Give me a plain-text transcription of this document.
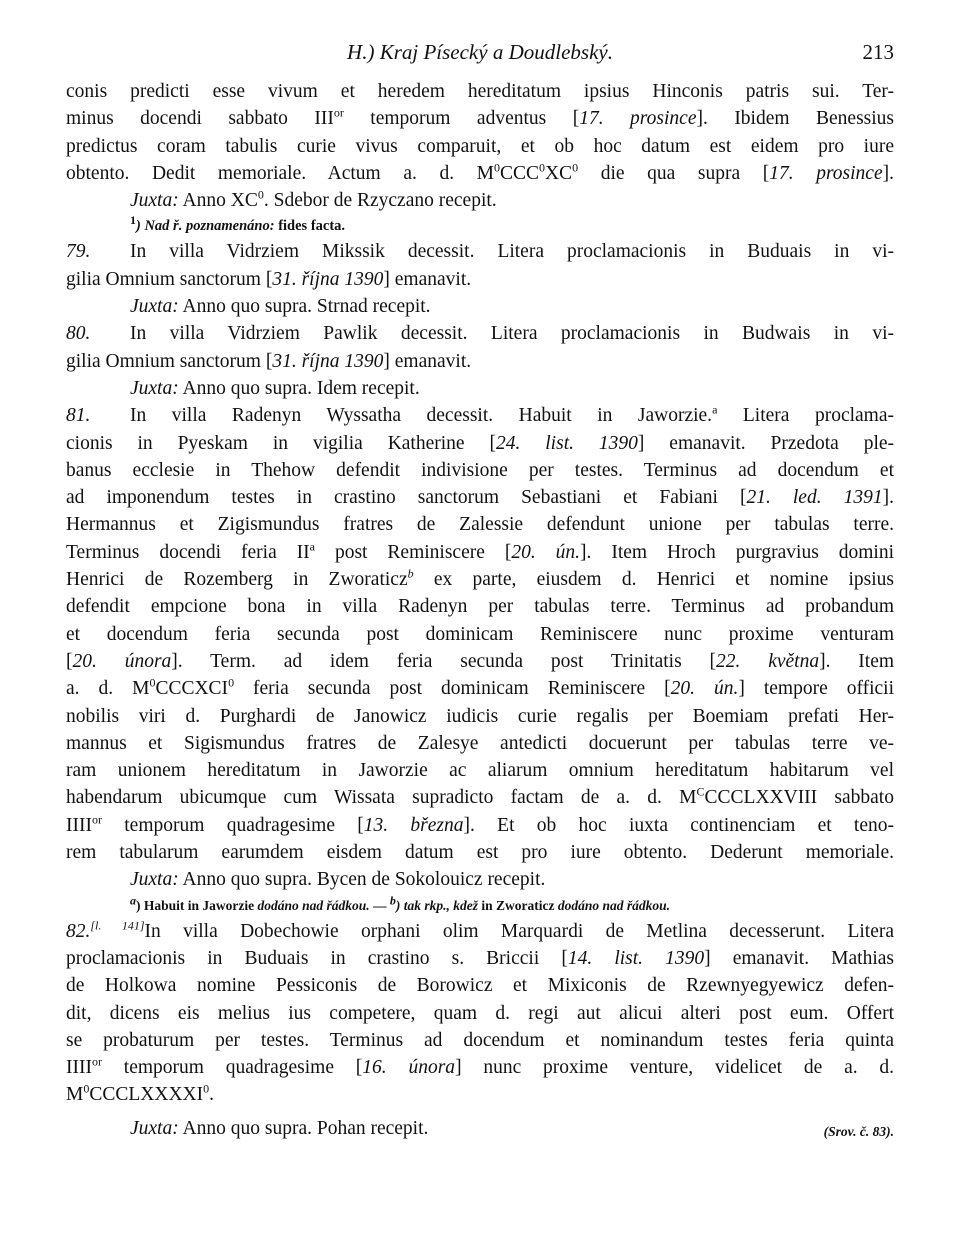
H.) Kraj Písecký a Doudlebský.	213
conis predicti esse vivum et heredem hereditatum ipsius Hinconis patris sui. Ter-
minus docendi sabbato $III^{or}$ temporum adventus [17. prosince]. Ibidem Benessius
predictus coram tabulis curie vivus comparuit, et ob hoc datum est eidem pro iure
obtento. Dedit memoriale. Actum a. d. $M^0CCC^0XC^0$ die qua supra [17. prosince].
Juxta: Anno $XC^0$. Sdebor de Rzyczano recepit.
$^1$) Nad ř. poznamenáno: fides facta.
79. In villa Vidrziem Mikssik decessit. Litera proclamacionis in Buduais in vi-
gilia Omnium sanctorum [31. října 1390] emanavit.
Juxta: Anno quo supra. Strnad recepit.
80. In villa Vidrziem Pawlik decessit. Litera proclamacionis in Budwais in vi-
gilia Omnium sanctorum [31. října 1390] emanavit.
Juxta: Anno quo supra. Idem recepit.
81. In villa Radenyn Wyssatha decessit. Habuit in Jaworzie.$^a$ Litera proclama-
cionis in Pyeskam in vigilia Katherine [24. list. 1390] emanavit. Przedota ple-
banus ecclesie in Thehow defendit indivisione per testes. Terminus ad docendum et
ad imponendum testes in crastino sanctorum Sebastiani et Fabiani [21. led. 1391].
Hermannus et Zigismundus fratres de Zalessie defendunt unione per tabulas terre.
Terminus docendi feria $II^a$ post Reminiscere [20. ún.]. Item Hroch purgravius domini
Henrici de Rozemberg in Zworaticz$^b$ ex parte, eiusdem d. Henrici et nomine ipsius
defendit empcione bona in villa Radenyn per tabulas terre. Terminus ad probandum
et docendum feria secunda post dominicam Reminiscere nunc proxime venturam
[20. února]. Term. ad idem feria secunda post Trinitatis [22. května]. Item
a. d. $M^0CCCXCI^0$ feria secunda post dominicam Reminiscere [20. ún.] tempore officii
nobilis viri d. Purghardi de Janowicz iudicis curie regalis per Boemiam prefati Her-
mannus et Sigismundus fratres de Zalesye antedicti docuerunt per tabulas terre ve-
ram unionem hereditatum in Jaworzie ac aliarum omnium hereditatum habitarum vel
habendarum ubicumque cum Wissata supradicto factam de a. d. $M^CCCCLXXVIII$ sabbato
$IIII^{or}$ temporum quadragesime [13. března]. Et ob hoc iuxta continenciam et teno-
rem tabularum earumdem eisdem datum est pro iure obtento. Dederunt memoriale.
Juxta: Anno quo supra. Bycen de Sokolouicz recepit.
$^a$) Habuit in Jaworzie dodáno nad řádkou. — $^b$) tak rkp., kdež in Zworaticz dodáno nad řádkou.
82.[l. 141]In villa Dobechowie orphani olim Marquardi de Metlina decesserunt. Litera
proclamacionis in Buduais in crastino s. Briccii [14. list. 1390] emanavit. Mathias
de Holkowa nomine Pessiconis de Borowicz et Mixiconis de Rzewnyegyewicz defen-
dit, dicens eis melius ius competere, quam d. regi aut alicui alteri post eum. Offert
se probaturum per testes. Terminus ad docendum et nominandum testes feria quinta
$IIII^{or}$ temporum quadragesime [16. února] nunc proxime venture, videlicet de a. d.
$M^0CCCLXXXXI^0$.
Juxta: Anno quo supra. Pohan recepit.	(Srov. č. 83).
